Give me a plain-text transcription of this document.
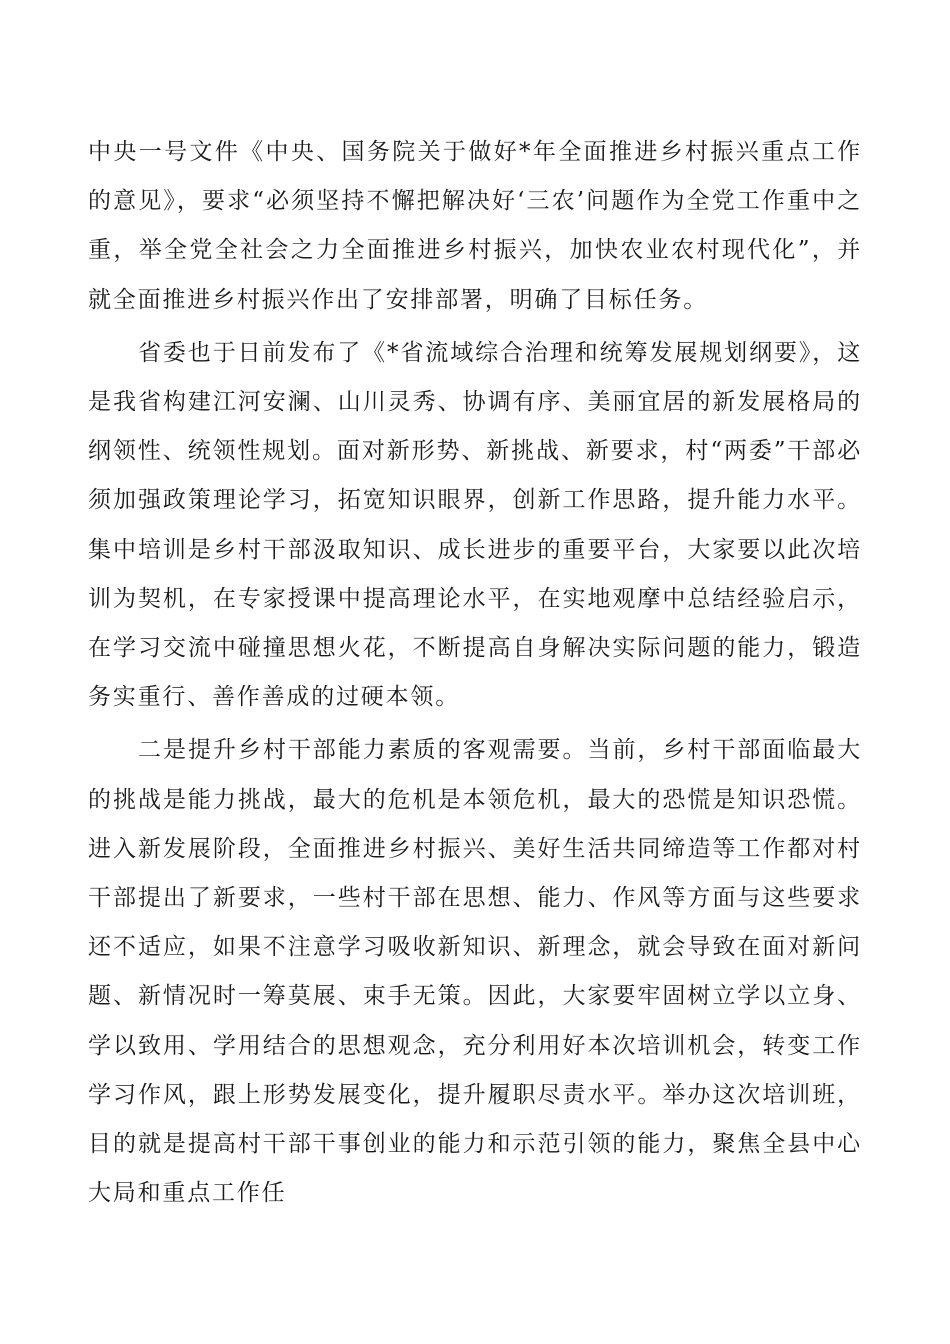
中央一号文件《中央、国务院关于做好*年全面推进乡村振兴重点工作的意见》，要求“必须坚持不懈把解决好‘三农’问题作为全党工作重中之重，举全党全社会之力全面推进乡村振兴，加快农业农村现代化”，并就全面推进乡村振兴作出了安排部署，明确了目标任务。

省委也于日前发布了《*省流域综合治理和统筹发展规划纲要》，这是我省构建江河安澜、山川灵秀、协调有序、美丽宜居的新发展格局的纲领性、统领性规划。面对新形势、新挑战、新要求，村“两委”干部必须加强政策理论学习，拓宽知识眼界，创新工作思路，提升能力水平。集中培训是乡村干部汲取知识、成长进步的重要平台，大家要以此次培训为契机，在专家授课中提高理论水平，在实地观摩中总结经验启示，在学习交流中碰撞思想火花，不断提高自身解决实际问题的能力，锻造务实重行、善作善成的过硬本领。

二是提升乡村干部能力素质的客观需要。当前，乡村干部面临最大的挑战是能力挑战，最大的危机是本领危机，最大的恐慌是知识恐慌。进入新发展阶段，全面推进乡村振兴、美好生活共同缔造等工作都对村干部提出了新要求，一些村干部在思想、能力、作风等方面与这些要求还不适应，如果不注意学习吸收新知识、新理念，就会导致在面对新问题、新情况时一筹莫展、束手无策。因此，大家要牢固树立学以立身、学以致用、学用结合的思想观念，充分利用好本次培训机会，转变工作学习作风，跟上形势发展变化，提升履职尽责水平。举办这次培训班，目的就是提高村干部干事创业的能力和示范引领的能力，聚焦全县中心大局和重点工作任
